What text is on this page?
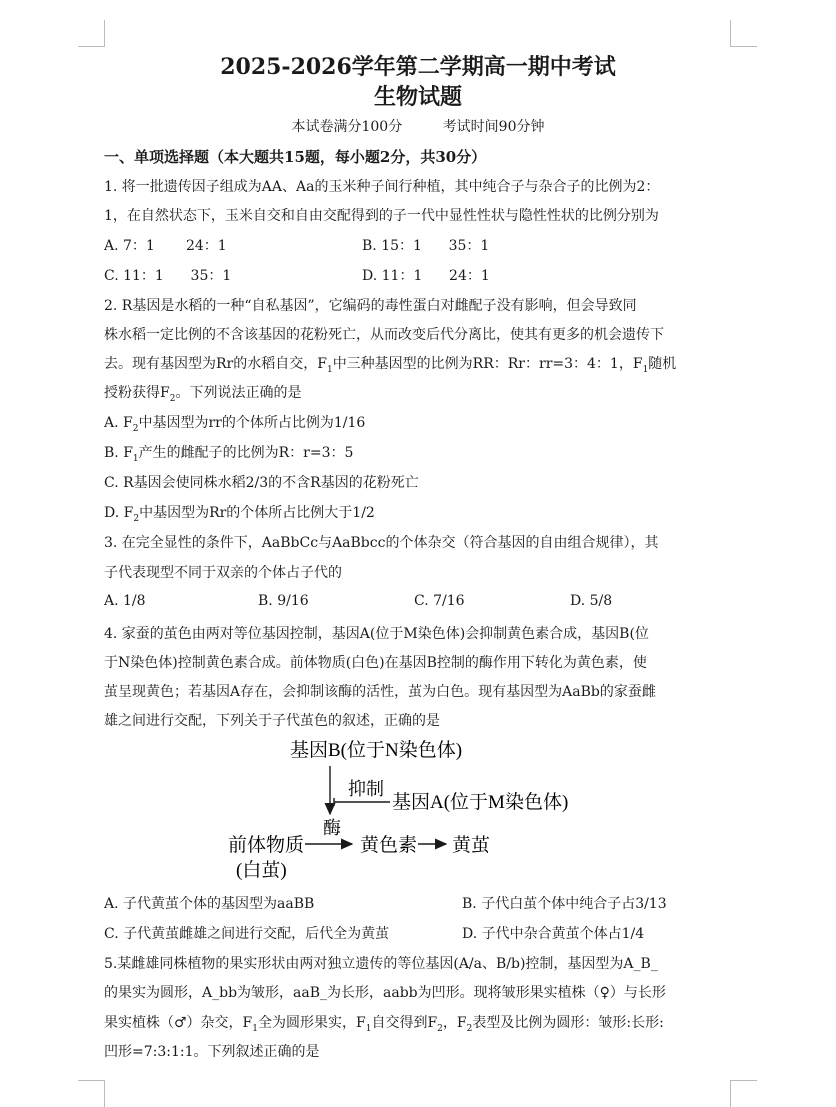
2025-2026学年第二学期高一期中考试
生物试题
本试卷满分100分	考试时间90分钟
一、单项选择题（本大题共15题，每小题2分，共30分）
1. 将一批遗传因子组成为AA、Aa的玉米种子间行种植，其中纯合子与杂合子的比例为2：
1，在自然状态下，玉米自交和自由交配得到的子一代中显性性状与隐性性状的比例分别为
A. 7：1       24：1	B. 15：1      35：1
C. 11：1      35：1	D. 11：1      24：1
2. R基因是水稻的一种“自私基因”，它编码的毒性蛋白对雌配子没有影响，但会导致同
株水稻一定比例的不含该基因的花粉死亡，从而改变后代分离比，使其有更多的机会遗传下
去。现有基因型为Rr的水稻自交，$F_1$中三种基因型的比例为RR：Rr：rr=3：4：1，$F_1$随机
授粉获得$F_2$。下列说法正确的是
A. $F_2$中基因型为rr的个体所占比例为1/16
B. $F_1$产生的雌配子的比例为R：r=3：5
C. R基因会使同株水稻2/3的不含R基因的花粉死亡
D. $F_2$中基因型为Rr的个体所占比例大于1/2
3. 在完全显性的条件下，AaBbCc与AaBbcc的个体杂交（符合基因的自由组合规律），其
子代表现型不同于双亲的个体占子代的
A. 1/8	B. 9/16	C. 7/16	D. 5/8
4. 家蚕的茧色由两对等位基因控制，基因A(位于M染色体)会抑制黄色素合成，基因B(位
于N染色体)控制黄色素合成。前体物质(白色)在基因B控制的酶作用下转化为黄色素，使
茧呈现黄色；若基因A存在，会抑制该酶的活性，茧为白色。现有基因型为AaBb的家蚕雌
雄之间进行交配，下列关于子代茧色的叙述，正确的是
基因B(位于N染色体)
抑制
基因A(位于M染色体)
酶
前体物质	黄色素 黄茧
(白茧)
A. 子代黄茧个体的基因型为aaBB	B. 子代白茧个体中纯合子占3/13
C. 子代黄茧雌雄之间进行交配，后代全为黄茧	D. 子代中杂合黄茧个体占1/4
5.某雌雄同株植物的果实形状由两对独立遗传的等位基因(A/a、B/b)控制，基因型为A_B_
的果实为圆形，A_bb为皱形，aaB_为长形，aabb为凹形。现将皱形果实植株（♀）与长形
果实植株（♂）杂交，$F_1$全为圆形果实，$F_1$自交得到$F_2$，$F_2$表型及比例为圆形：皱形:长形:
凹形=7:3:1:1。下列叙述正确的是
